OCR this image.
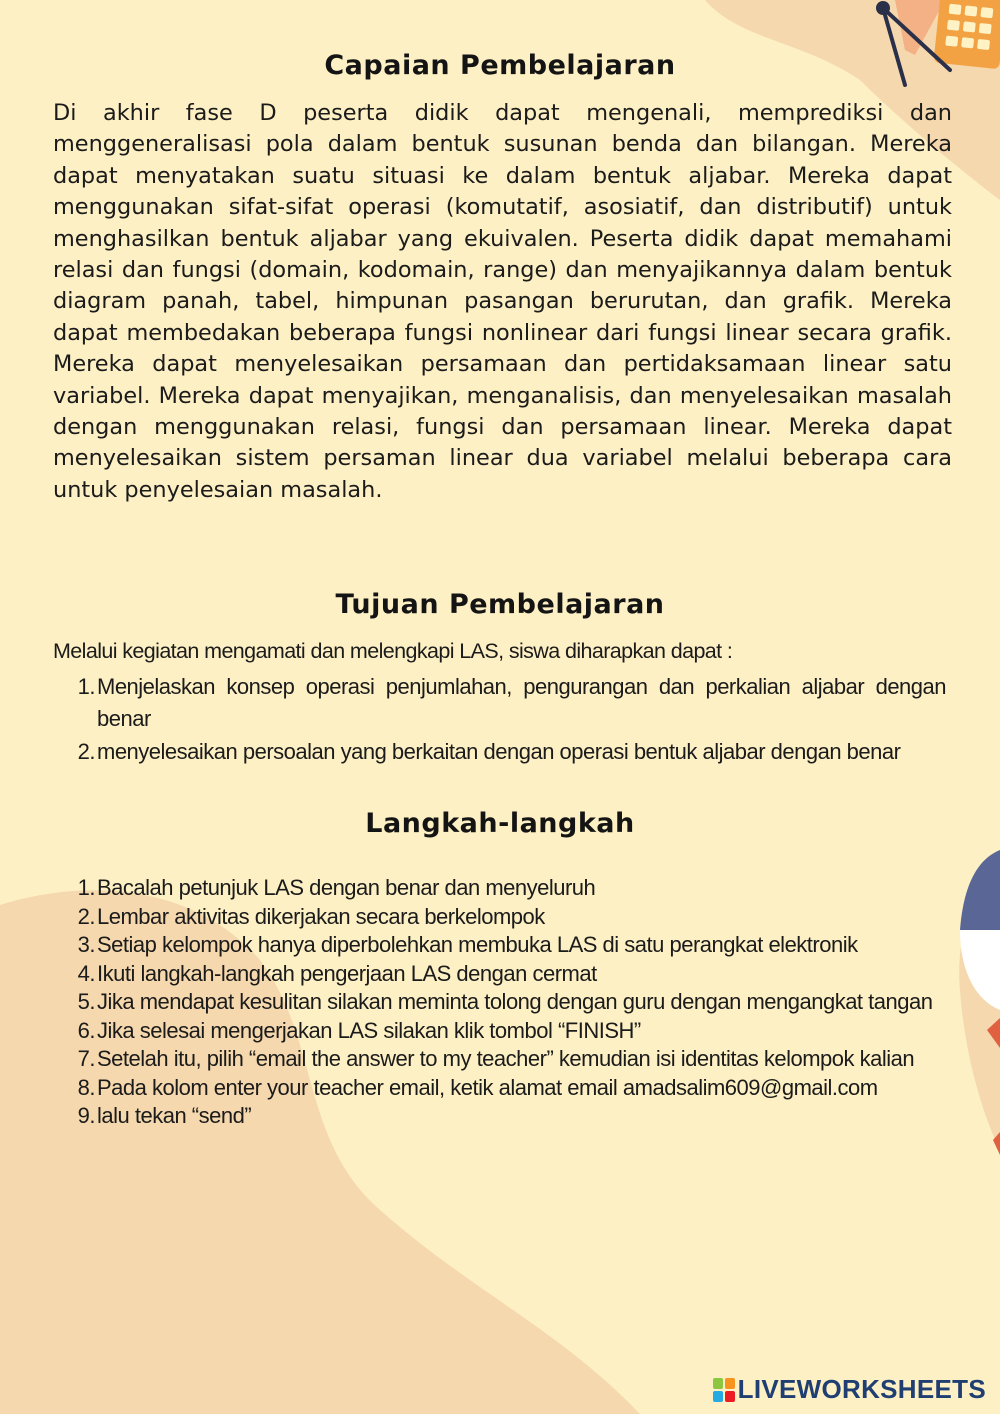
Capaian Pembelajaran

Di akhir fase D peserta didik dapat mengenali, memprediksi dan menggeneralisasi pola dalam bentuk susunan benda dan bilangan. Mereka dapat menyatakan suatu situasi ke dalam bentuk aljabar. Mereka dapat menggunakan sifat-sifat operasi (komutatif, asosiatif, dan distributif) untuk menghasilkan bentuk aljabar yang ekuivalen. Peserta didik dapat memahami relasi dan fungsi (domain, kodomain, range) dan menyajikannya dalam bentuk diagram panah, tabel, himpunan pasangan berurutan, dan grafik. Mereka dapat membedakan beberapa fungsi nonlinear dari fungsi linear secara grafik. Mereka dapat menyelesaikan persamaan dan pertidaksamaan linear satu variabel. Mereka dapat menyajikan, menganalisis, dan menyelesaikan masalah dengan menggunakan relasi, fungsi dan persamaan linear. Mereka dapat menyelesaikan sistem persaman linear dua variabel melalui beberapa cara untuk penyelesaian masalah.

Tujuan Pembelajaran

Melalui kegiatan mengamati dan melengkapi LAS, siswa diharapkan dapat :

1. Menjelaskan konsep operasi penjumlahan, pengurangan dan perkalian aljabar dengan benar
2. menyelesaikan persoalan yang berkaitan dengan operasi bentuk aljabar dengan benar
Langkah-langkah
1. Bacalah petunjuk LAS dengan benar dan menyeluruh
2. Lembar aktivitas dikerjakan secara berkelompok
3. Setiap kelompok hanya diperbolehkan membuka LAS di satu perangkat elektronik
4. Ikuti langkah-langkah pengerjaan LAS dengan cermat
5. Jika mendapat kesulitan silakan meminta tolong dengan guru dengan mengangkat tangan
6. Jika selesai mengerjakan LAS silakan klik tombol “FINISH”
7. Setelah itu, pilih “email the answer to my teacher” kemudian isi identitas kelompok kalian
8. Pada kolom enter your teacher email, ketik alamat email amadsalim609@gmail.com
9. lalu tekan “send”
LIVEWORKSHEETS
